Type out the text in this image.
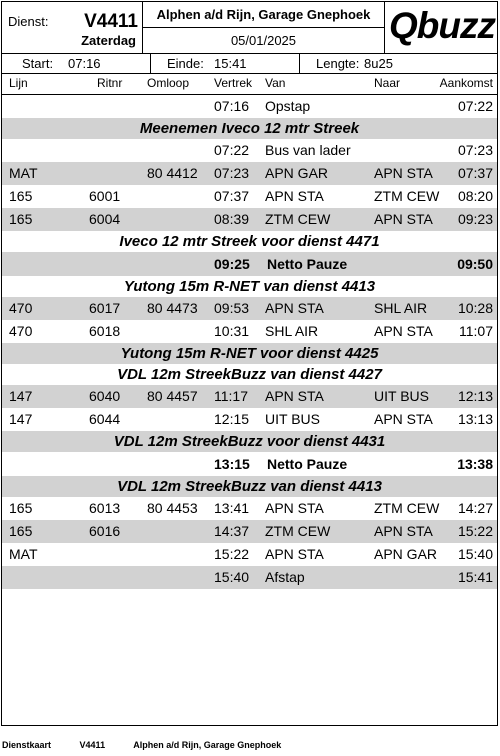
Dienst: V4411
Zaterdag
Alphen a/d Rijn, Garage Gnephoek
05/01/2025	Qbuzz
Start: 07:16	Einde: 15:41	Lengte: 8u25
Lijn	Ritnr Omloop Vertrek Van	Naar	Aankomst
07:16 Opstap	07:22
Meenemen Iveco 12 mtr Streek
07:22 Bus van lader	07:23
MAT	80 4412 07:23 APN GAR	APN STA 07:37
165	6001	07:37 APN STA	ZTM CEW 08:20
165	6004	08:39 ZTM CEW	APN STA 09:23
Iveco 12 mtr Streek voor dienst 4471
09:25 Netto Pauze	09:50
Yutong 15m R-NET van dienst 4413
470	6017 80 4473 09:53 APN STA	SHL AIR 10:28
470	6018	10:31 SHL AIR	APN STA 11:07
Yutong 15m R-NET voor dienst 4425
VDL 12m StreekBuzz van dienst 4427
147	6040 80 4457 11:17 APN STA	UIT BUS 12:13
147	6044	12:15 UIT BUS	APN STA 13:13
VDL 12m StreekBuzz voor dienst 4431
13:15 Netto Pauze	13:38
VDL 12m StreekBuzz van dienst 4413
165	6013 80 4453 13:41 APN STA	ZTM CEW 14:27
165	6016	14:37 ZTM CEW	APN STA 15:22
MAT	15:22 APN STA	APN GAR 15:40
15:40 Afstap	15:41
Dienstkaart	V4411	Alphen a/d Rijn, Garage Gnephoek
